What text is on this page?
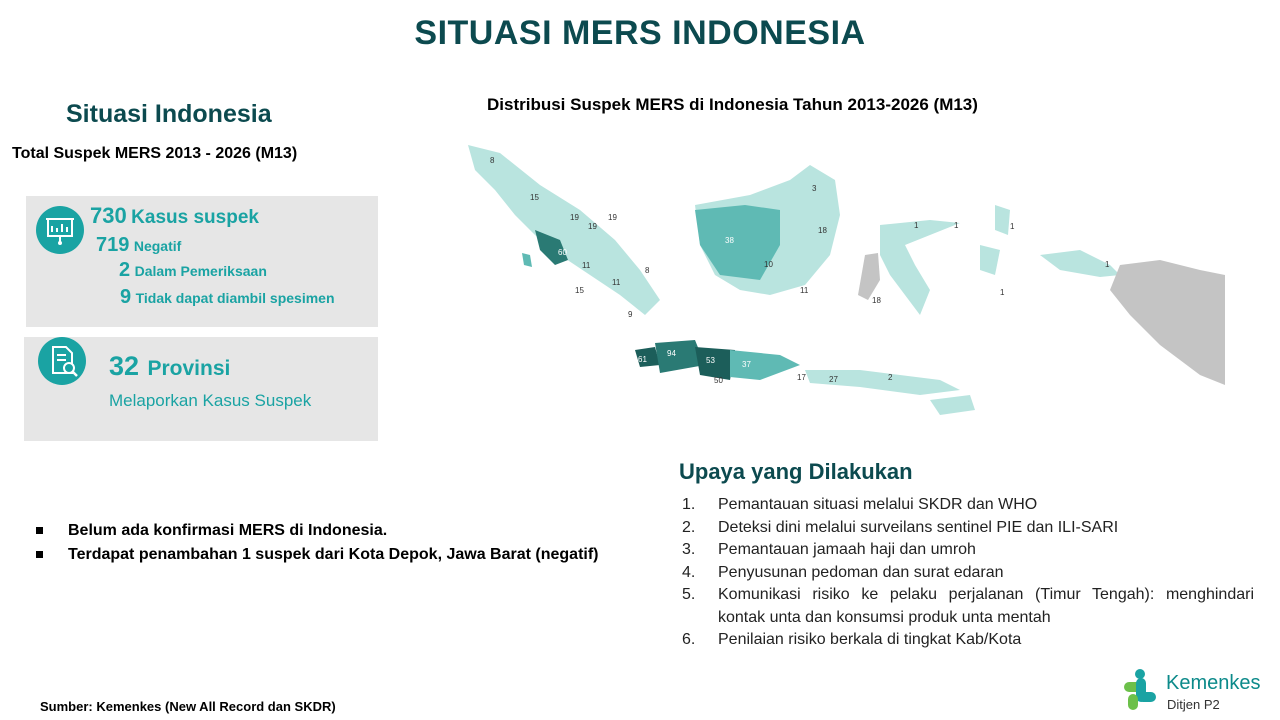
SITUASI MERS INDONESIA
Situasi Indonesia
Total Suspek MERS 2013 - 2026 (M13)
730 Kasus suspek
719 Negatif
2 Dalam Pemeriksaan
9 Tidak dapat diambil spesimen
32 Provinsi
Melaporkan Kasus Suspek
Belum ada konfirmasi MERS di Indonesia.
Terdapat penambahan 1 suspek dari Kota Depok, Jawa Barat (negatif)
Sumber: Kemenkes (New All Record dan SKDR)
Distribusi Suspek MERS di Indonesia Tahun 2013-2026 (M13)
8
15
19	19
60
19
11
15
11
8
9
38
3
18
10
11
1	1	1
1
1
18
98
61
94
53	37
50	17	27	2
Upaya yang Dilakukan
1. Pemantauan situasi melalui SKDR dan WHO
2. Deteksi dini melalui surveilans sentinel PIE dan ILI-SARI
3. Pemantauan jamaah haji dan umroh
4. Penyusunan pedoman dan surat edaran
5. Komunikasi risiko ke pelaku perjalanan (Timur Tengah): menghindari kontak unta dan konsumsi produk unta mentah
6. Penilaian risiko berkala di tingkat Kab/Kota
Kemenkes
Ditjen P2
